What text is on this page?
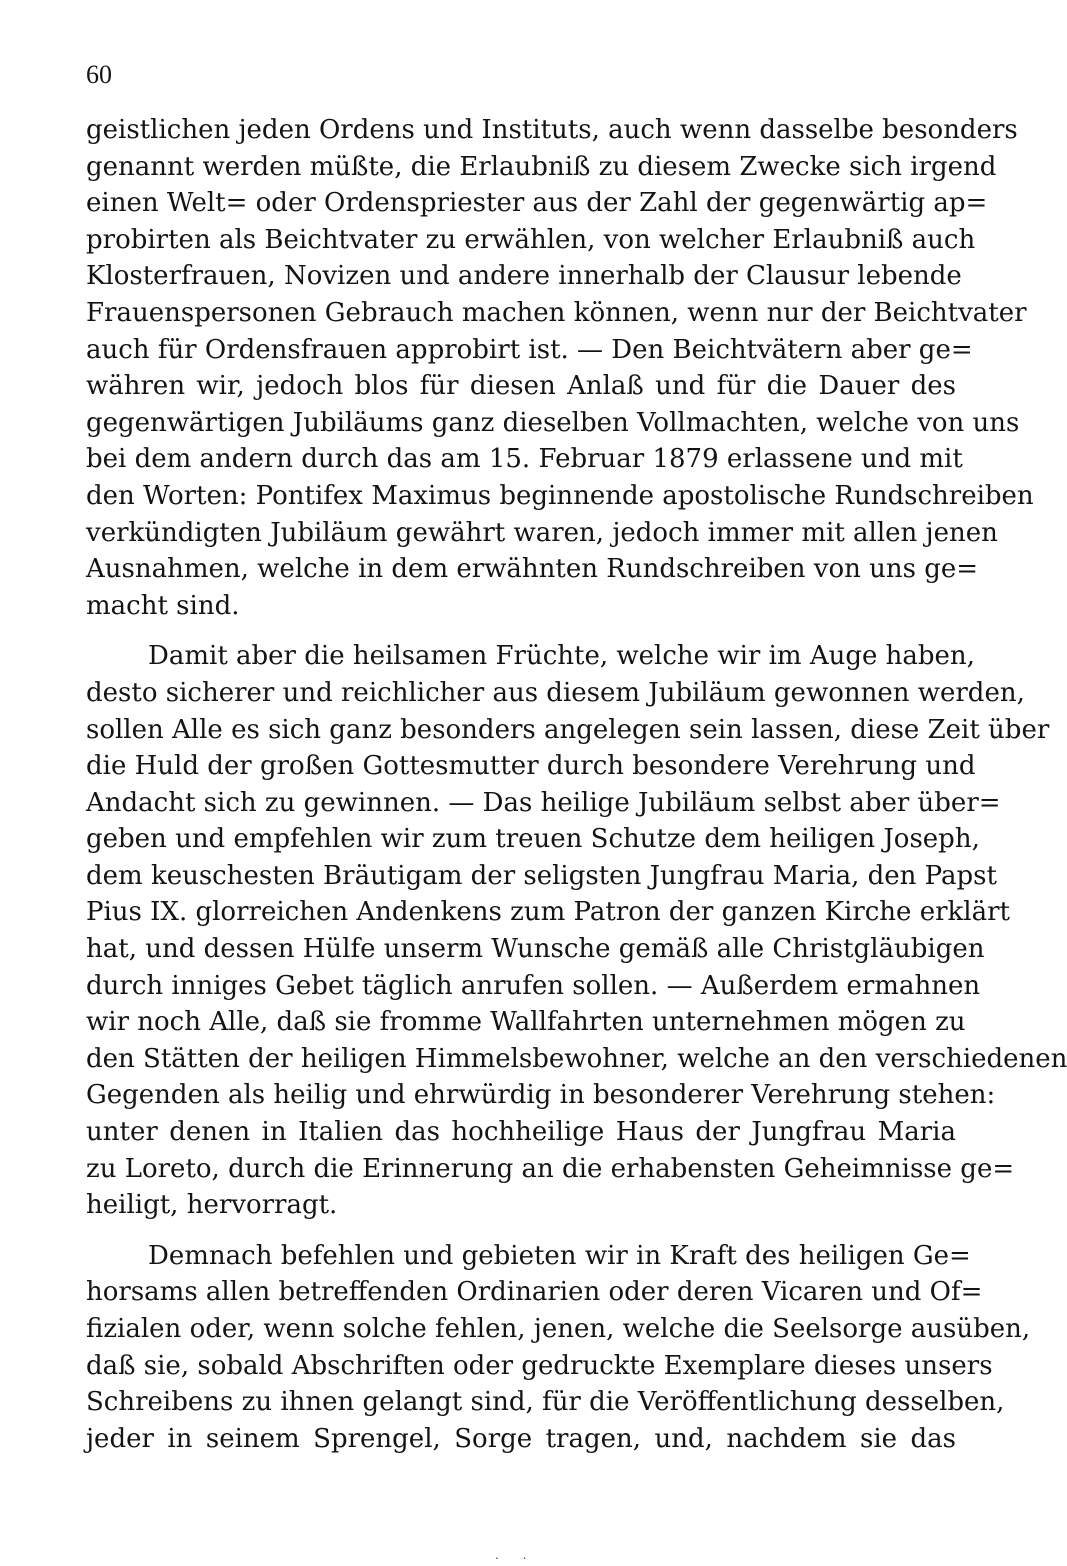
60
geistlichen jeden Ordens und Instituts, auch wenn dasselbe besonders
genannt werden müßte, die Erlaubniß zu diesem Zwecke sich irgend
einen Welt= oder Ordenspriester aus der Zahl der gegenwärtig ap=
probirten als Beichtvater zu erwählen, von welcher Erlaubniß auch
Klosterfrauen, Novizen und andere innerhalb der Clausur lebende
Frauenspersonen Gebrauch machen können, wenn nur der Beichtvater
auch für Ordensfrauen approbirt ist. — Den Beichtvätern aber ge=
währen wir, jedoch blos für diesen Anlaß und für die Dauer des
gegenwärtigen Jubiläums ganz dieselben Vollmachten, welche von uns
bei dem andern durch das am 15. Februar 1879 erlassene und mit
den Worten: Pontifex Maximus beginnende apostolische Rundschreiben
verkündigten Jubiläum gewährt waren, jedoch immer mit allen jenen
Ausnahmen, welche in dem erwähnten Rundschreiben von uns ge=
macht sind.
Damit aber die heilsamen Früchte, welche wir im Auge haben,
desto sicherer und reichlicher aus diesem Jubiläum gewonnen werden,
sollen Alle es sich ganz besonders angelegen sein lassen, diese Zeit über
die Huld der großen Gottesmutter durch besondere Verehrung und
Andacht sich zu gewinnen. — Das heilige Jubiläum selbst aber über=
geben und empfehlen wir zum treuen Schutze dem heiligen Joseph,
dem keuschesten Bräutigam der seligsten Jungfrau Maria, den Papst
Pius IX. glorreichen Andenkens zum Patron der ganzen Kirche erklärt
hat, und dessen Hülfe unserm Wunsche gemäß alle Christgläubigen
durch inniges Gebet täglich anrufen sollen. — Außerdem ermahnen
wir noch Alle, daß sie fromme Wallfahrten unternehmen mögen zu
den Stätten der heiligen Himmelsbewohner, welche an den verschiedenen
Gegenden als heilig und ehrwürdig in besonderer Verehrung stehen:
unter denen in Italien das hochheilige Haus der Jungfrau Maria
zu Loreto, durch die Erinnerung an die erhabensten Geheimnisse ge=
heiligt, hervorragt.
Demnach befehlen und gebieten wir in Kraft des heiligen Ge=
horsams allen betreffenden Ordinarien oder deren Vicaren und Of=
fizialen oder, wenn solche fehlen, jenen, welche die Seelsorge ausüben,
daß sie, sobald Abschriften oder gedruckte Exemplare dieses unsers
Schreibens zu ihnen gelangt sind, für die Veröffentlichung desselben,
jeder in seinem Sprengel, Sorge tragen, und, nachdem sie das
. .
